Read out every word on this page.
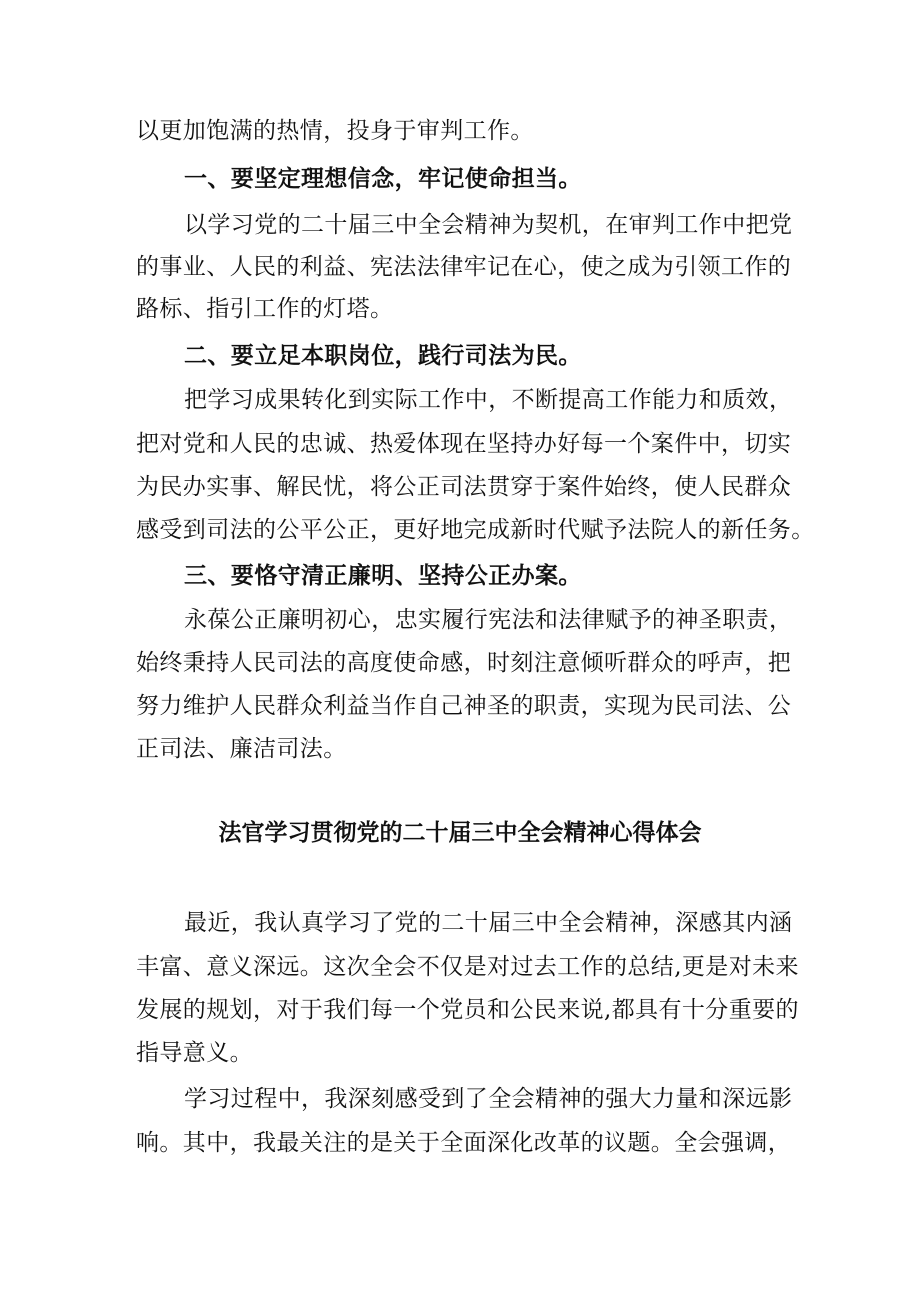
以更加饱满的热情，投身于审判工作。
一、要坚定理想信念，牢记使命担当。
以学习党的二十届三中全会精神为契机，在审判工作中把党
的事业、人民的利益、宪法法律牢记在心，使之成为引领工作的
路标、指引工作的灯塔。
二、要立足本职岗位，践行司法为民。
把学习成果转化到实际工作中，不断提高工作能力和质效，
把对党和人民的忠诚、热爱体现在坚持办好每一个案件中，切实
为民办实事、解民忧，将公正司法贯穿于案件始终，使人民群众
感受到司法的公平公正，更好地完成新时代赋予法院人的新任务。
三、要恪守清正廉明、坚持公正办案。
永葆公正廉明初心，忠实履行宪法和法律赋予的神圣职责，
始终秉持人民司法的高度使命感，时刻注意倾听群众的呼声，把
努力维护人民群众利益当作自己神圣的职责，实现为民司法、公
正司法、廉洁司法。
法官学习贯彻党的二十届三中全会精神心得体会
最近，我认真学习了党的二十届三中全会精神，深感其内涵
丰富、意义深远。这次全会不仅是对过去工作的总结,更是对未来
发展的规划，对于我们每一个党员和公民来说,都具有十分重要的
指导意义。
学习过程中，我深刻感受到了全会精神的强大力量和深远影
响。其中，我最关注的是关于全面深化改革的议题。全会强调，
